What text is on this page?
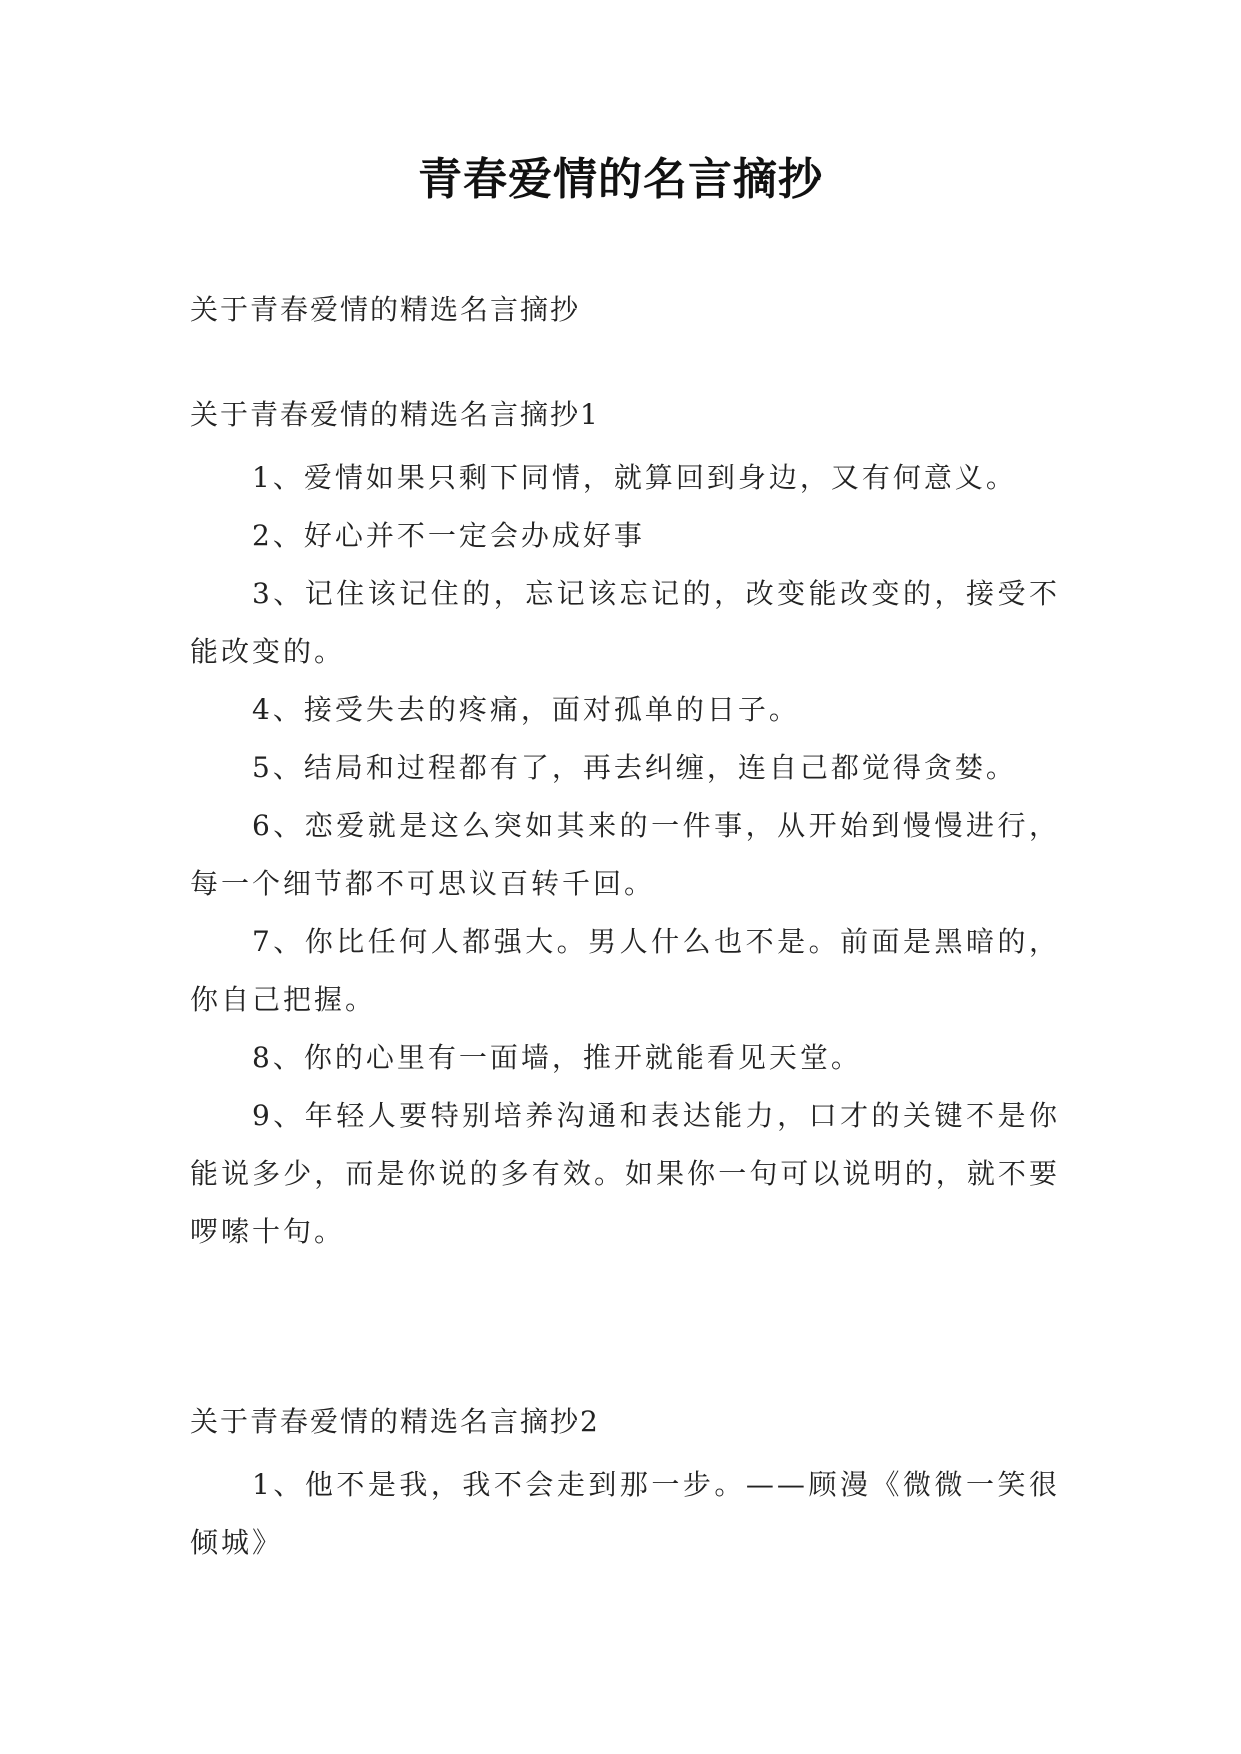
青春爱情的名言摘抄
关于青春爱情的精选名言摘抄

关于青春爱情的精选名言摘抄1

1、爱情如果只剩下同情，就算回到身边，又有何意义。

2、好心并不一定会办成好事

3、记住该记住的，忘记该忘记的，改变能改变的，接受不能改变的。

4、接受失去的疼痛，面对孤单的日子。

5、结局和过程都有了，再去纠缠，连自己都觉得贪婪。

6、恋爱就是这么突如其来的一件事，从开始到慢慢进行，每一个细节都不可思议百转千回。

7、你比任何人都强大。男人什么也不是。前面是黑暗的，你自己把握。

8、你的心里有一面墙，推开就能看见天堂。

9、年轻人要特别培养沟通和表达能力，口才的关键不是你能说多少，而是你说的多有效。如果你一句可以说明的，就不要啰嗦十句。

关于青春爱情的精选名言摘抄2

1、他不是我，我不会走到那一步。——顾漫《微微一笑很倾城》
